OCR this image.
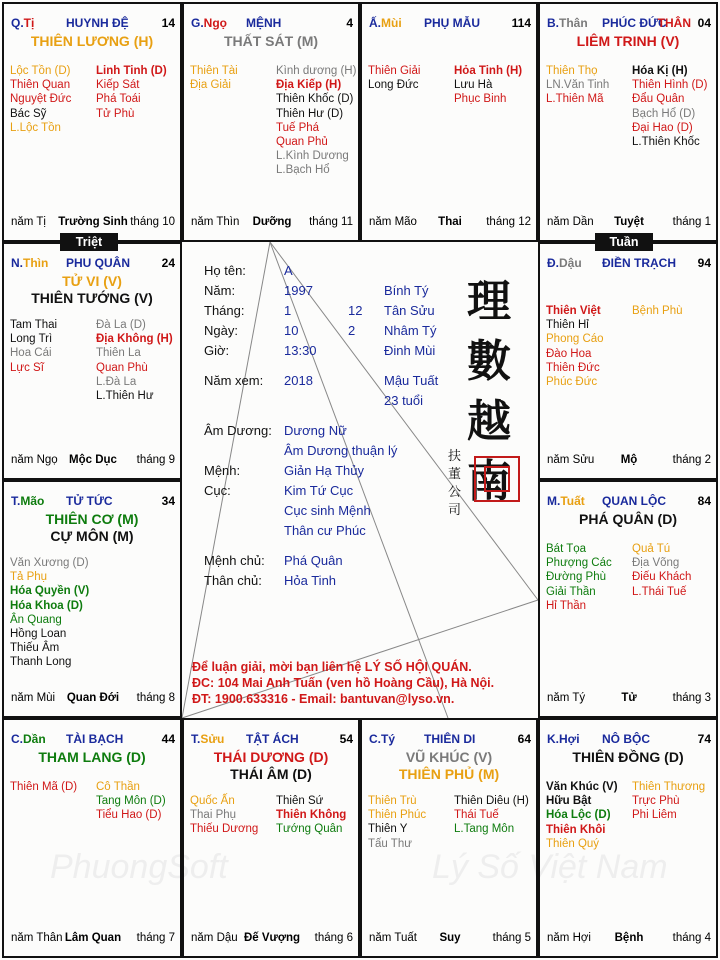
PhuongSoft	Lý Số Việt Nam
Q.Tị	HUYNH ĐỆ	14
THIÊN LƯƠNG (H)
Lộc Tồn (D)
Thiên Quan
Nguyệt Đức
Bác Sỹ
L.Lộc Tồn
Linh Tinh (D)
Kiếp Sát
Phá Toái
Tử Phù
năm Tị	Trường Sinh tháng 10
G.Ngọ MỆNH	4
THẤT SÁT (M)
Thiên Tài
Địa Giải
Kình dương (H)
Địa Kiếp (H)
Thiên Khốc (D)
Thiên Hư (D)
Tuế Phá
Quan Phủ
L.Kình Dương
L.Bạch Hổ
năm Thìn	Dưỡng	tháng 11
Ấ.Mùi PHỤ MẪU	114
Thiên Giải
Long Đức
Hỏa Tinh (H)
Lưu Hà
Phục Binh
năm Mão	Thai	tháng 12
B.Thân PHÚC ĐỨC
THÂN 04
LIÊM TRINH (V)
Thiên Thọ
LN.Văn Tinh
L.Thiên Mã
Hóa Kị (H)
Thiên Hình (D)
Đẩu Quân
Bạch Hổ (D)
Đại Hao (D)
L.Thiên Khốc
năm Dần	Tuyệt	tháng 1
N.Thìn PHU QUÂN	24
TỬ VI (V)
THIÊN TƯỚNG (V)
Tam Thai
Long Trì
Hoa Cái
Lực Sĩ
Đà La (D)
Địa Không (H)
Thiên La
Quan Phù
L.Đà La
L.Thiên Hư
năm Ngọ Mộc Dục	tháng 9
Đ.Dậu ĐIỀN TRẠCH 94
Thiên Việt
Thiên Hỉ
Phong Cáo
Đào Hoa
Thiên Đức
Phúc Đức
Bệnh Phù
năm Sửu	Mộ	tháng 2
T.Mão TỬ TỨC	34
THIÊN CƠ (M)
CỰ MÔN (M)
Văn Xương (D)
Tả Phụ
Hóa Quyền (V)
Hóa Khoa (D)
Ân Quang
Hồng Loan
Thiếu Âm
Thanh Long
năm Mùi	Quan Đới	tháng 8
M.Tuất QUAN LỘC	84
PHÁ QUÂN (D)
Bát Tọa
Phượng Các
Đường Phù
Giải Thần
Hỉ Thần
Quả Tú
Địa Võng
Điếu Khách
L.Thái Tuế
năm Tý	Tử	tháng 3
C.Dần TÀI BẠCH	44
THAM LANG (D)
Thiên Mã (D) Cô Thần
Tang Môn (D)
Tiểu Hao (D)
năm Thân Lâm Quan	tháng 7
T.Sửu TẬT ÁCH	54
THÁI DƯƠNG (D)
THÁI ÂM (D)
Quốc Ấn
Thai Phụ
Thiếu Dương
Thiên Sứ
Thiên Không
Tướng Quân
năm Dậu Đế Vượng	tháng 6
C.Tý THIÊN DI	64
VŨ KHÚC (V)
THIÊN PHỦ (M)
Thiên Trù
Thiên Phúc
Thiên Y
Tấu Thư
Thiên Diêu (H)
Thái Tuế
L.Tang Môn
năm Tuất	Suy	tháng 5
K.Hợi NÔ BỘC	74
THIÊN ĐỒNG (D)
Văn Khúc (V)
Hữu Bật
Hóa Lộc (D)
Thiên Khôi
Thiên Quý
Thiên Thương
Trực Phù
Phi Liêm
năm Hợi	Bệnh	tháng 4
Triệt	Tuần
Họ tên:	A
Năm:	1997	Bính Tý
Tháng:	1	12 Tân Sửu
Ngày:	10	2 Nhâm Tý
Giờ:	13:30	Đinh Mùi
Năm xem: 2018	Mậu Tuất
23 tuổi
Âm Dương: Dương Nữ
Âm Dương thuận lý
Mệnh:	Giản Hạ Thủy
Cục:	Kim Tứ Cục
Cục sinh Mệnh
Thân cư Phúc
Mệnh chủ: Phá Quân
Thân chủ: Hỏa Tinh
理數越南
扶董公司
Để luận giải, mời bạn liên hệ LÝ SỐ HỘI QUÁN.
ĐC: 104 Mai Anh Tuấn (ven hồ Hoàng Cầu), Hà Nội.
ĐT: 1900.633316 - Email: bantuvan@lyso.vn.
